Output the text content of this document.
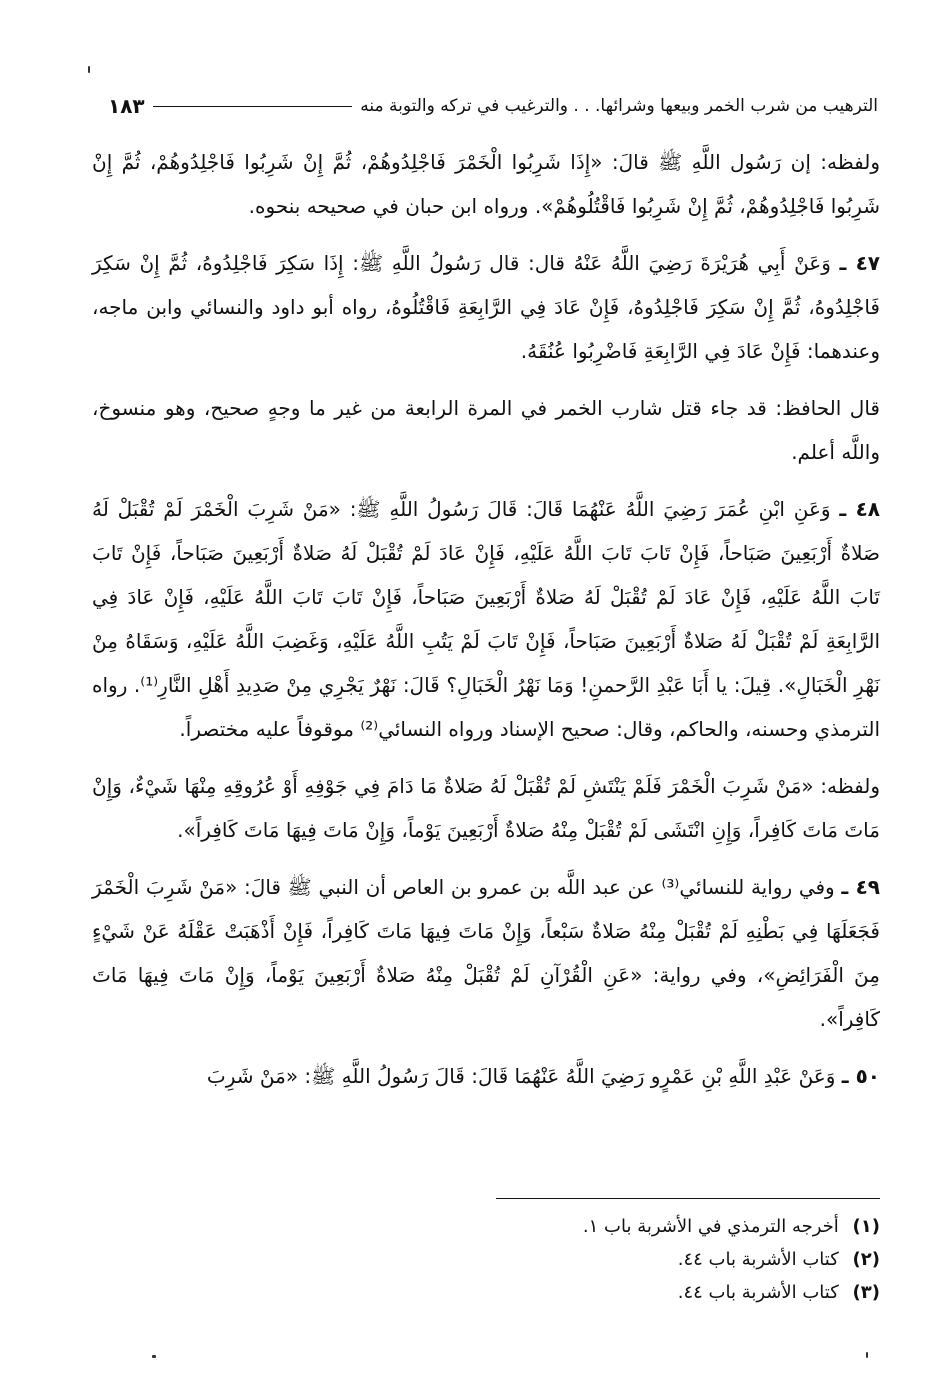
الترهيب من شرب الخمر وبيعها وشرائها. . . والترغيب في تركه والتوبة منه
١٨٣

ولفظه: إن رَسُول اللَّهِ ﷺ قالَ: «إِذَا شَرِبُوا الْخَمْرَ فَاجْلِدُوهُمْ، ثُمَّ إِنْ شَرِبُوا فَاجْلِدُوهُمْ، ثُمَّ إِنْ شَرِبُوا فَاجْلِدُوهُمْ، ثُمَّ إِنْ شَرِبُوا فَاقْتُلُوهُمْ». ورواه ابن حبان في صحيحه بنحوه.

٤٧ ـ وَعَنْ أَبِي هُرَيْرَةَ رَضِيَ اللَّهُ عَنْهُ قال: قال رَسُولُ اللَّهِ ﷺ: إِذَا سَكِرَ فَاجْلِدُوهُ، ثُمَّ إِنْ سَكِرَ فَاجْلِدُوهُ، ثُمَّ إِنْ سَكِرَ فَاجْلِدُوهُ، فَإِنْ عَادَ فِي الرَّابِعَةِ فَاقْتُلُوهُ، رواه أبو داود والنسائي وابن ماجه، وعندهما: فَإِنْ عَادَ فِي الرَّابِعَةِ فَاضْرِبُوا عُنُقَهُ.

قال الحافظ: قد جاء قتل شارب الخمر في المرة الرابعة من غير ما وجهٍ صحيح، وهو منسوخ، واللَّه أعلم.

٤٨ ـ وَعَنِ ابْنِ عُمَرَ رَضِيَ اللَّهُ عَنْهُمَا قَالَ: قَالَ رَسُولُ اللَّهِ ﷺ: «مَنْ شَرِبَ الْخَمْرَ لَمْ تُقْبَلْ لَهُ صَلاةٌ أَرْبَعِينَ صَبَاحاً، فَإِنْ تَابَ تَابَ اللَّهُ عَلَيْهِ، فَإِنْ عَادَ لَمْ تُقْبَلْ لَهُ صَلاةٌ أَرْبَعِينَ صَبَاحاً، فَإِنْ تَابَ تَابَ اللَّهُ عَلَيْهِ، فَإِنْ عَادَ لَمْ تُقْبَلْ لَهُ صَلاةٌ أَرْبَعِينَ صَبَاحاً، فَإِنْ تَابَ تَابَ اللَّهُ عَلَيْهِ، فَإِنْ عَادَ فِي الرَّابِعَةِ لَمْ تُقْبَلْ لَهُ صَلاةٌ أَرْبَعِينَ صَبَاحاً، فَإِنْ تَابَ لَمْ يَتُبِ اللَّهُ عَلَيْهِ، وَغَضِبَ اللَّهُ عَلَيْهِ، وَسَقَاهُ مِنْ نَهْرِ الْخَبَالِ». قِيلَ: يا أَبَا عَبْدِ الرَّحمنِ! وَمَا نَهْرُ الْخَبَالِ؟ قَالَ: نَهْرٌ يَجْرِي مِنْ صَدِيدِ أَهْلِ النَّارِ⁽¹⁾. رواه الترمذي وحسنه، والحاكم، وقال: صحيح الإسناد ورواه النسائي⁽²⁾ موقوفاً عليه مختصراً.

ولفظه: «مَنْ شَرِبَ الْخَمْرَ فَلَمْ يَنْتَشِ لَمْ تُقْبَلْ لَهُ صَلاةٌ مَا دَامَ فِي جَوْفِهِ أَوْ عُرُوقِهِ مِنْهَا شَيْءٌ، وَإِنْ مَاتَ مَاتَ كَافِراً، وَإِنِ انْتَشَى لَمْ تُقْبَلْ مِنْهُ صَلاةٌ أَرْبَعِينَ يَوْماً، وَإِنْ مَاتَ فِيهَا مَاتَ كَافِراً».

٤٩ ـ وفي رواية للنسائي⁽³⁾ عن عبد اللَّه بن عمرو بن العاص أن النبي ﷺ قالَ: «مَنْ شَرِبَ الْخَمْرَ فَجَعَلَهَا فِي بَطْنِهِ لَمْ تُقْبَلْ مِنْهُ صَلاةٌ سَبْعاً، وَإِنْ مَاتَ فِيهَا مَاتَ كَافِراً، فَإِنْ أَذْهَبَتْ عَقْلَهُ عَنْ شَيْءٍ مِنَ الْفَرَائِضِ»، وفي رواية: «عَنِ الْقُرْآنِ لَمْ تُقْبَلْ مِنْهُ صَلاةٌ أَرْبَعِينَ يَوْماً، وَإِنْ مَاتَ فِيهَا مَاتَ كَافِراً».

٥٠ ـ وَعَنْ عَبْدِ اللَّهِ بْنِ عَمْرٍو رَضِيَ اللَّهُ عَنْهُمَا قَالَ: قَالَ رَسُولُ اللَّهِ ﷺ: «مَنْ شَرِبَ

(١) أخرجه الترمذي في الأشربة باب ١.
(٢) كتاب الأشربة باب ٤٤.
(٣) كتاب الأشربة باب ٤٤.
